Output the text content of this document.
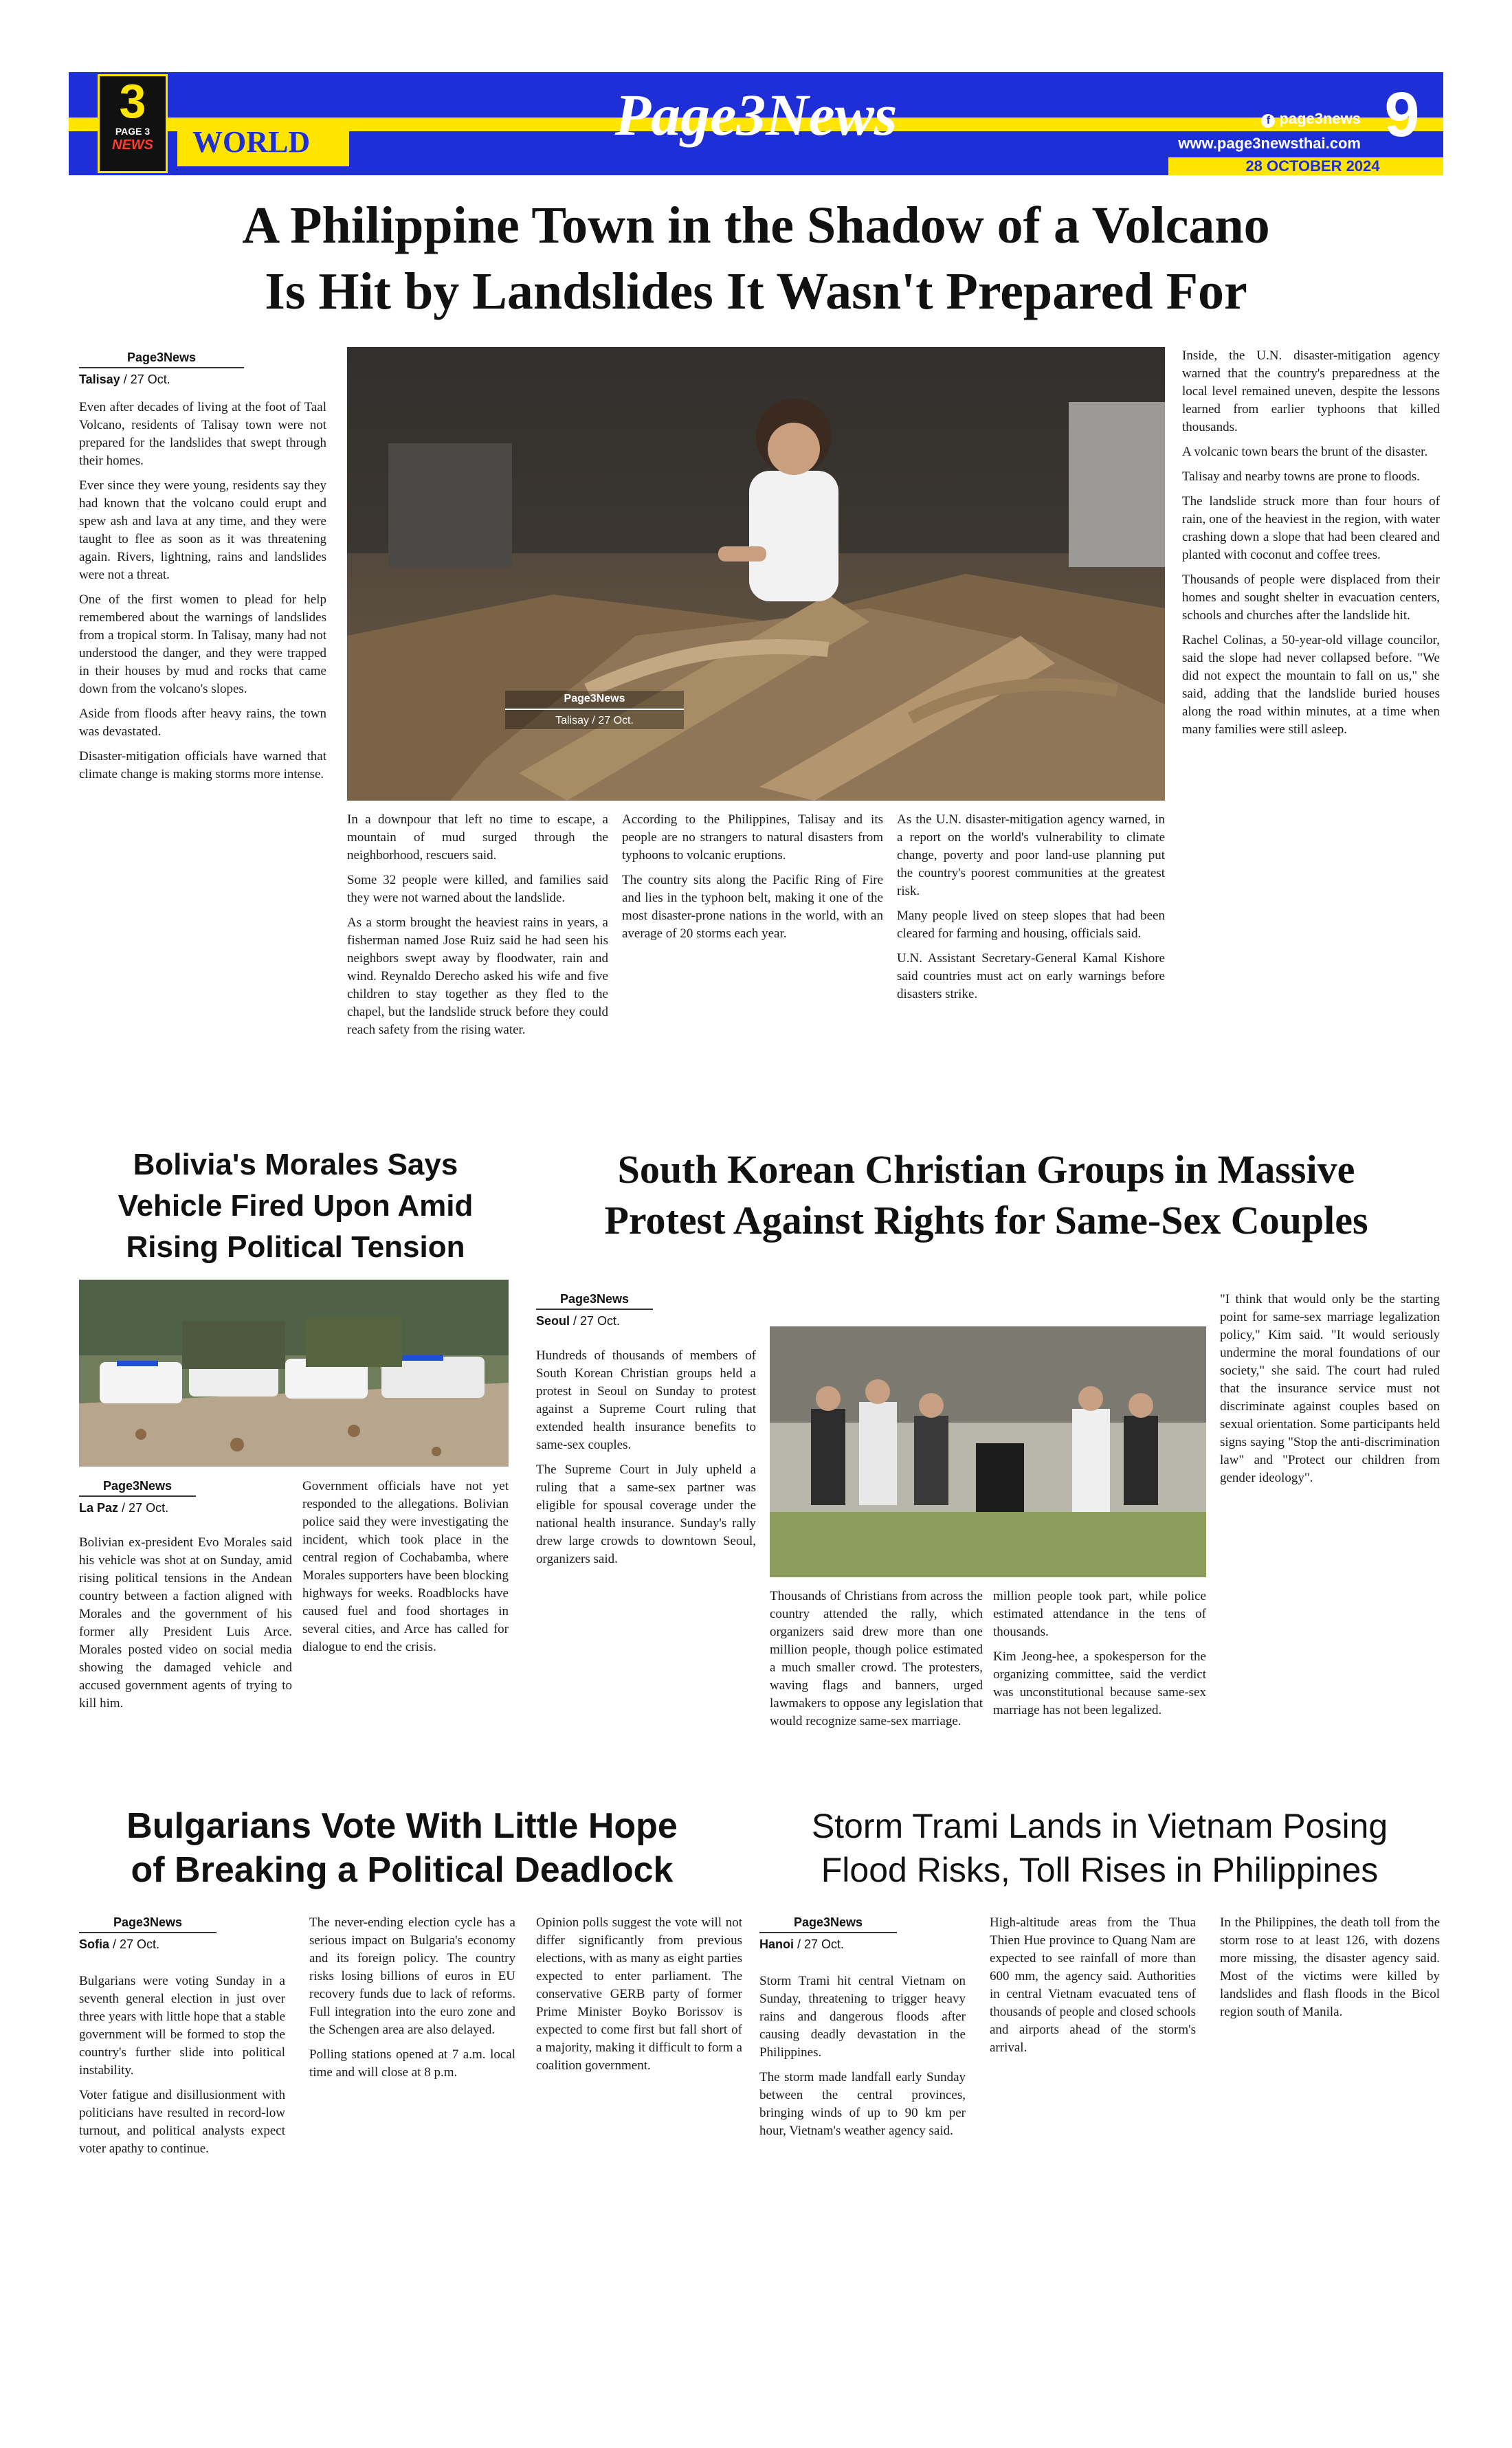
3
PAGE 3
NEWS	WORLD	Page3News	f page3news
www.page3newsthai.com
28 OCTOBER 2024
9
A Philippine Town in the Shadow of a Volcano
Is Hit by Landslides It Wasn't Prepared For
Page3News
Talisay / 27 Oct.

Even after decades of living at the foot of Taal Volcano, residents of Talisay town were not prepared for the landslides that swept through their homes.

Ever since they were young, residents say they had known that the volcano could erupt and spew ash and lava at any time, and they were taught to flee as soon as it was threatening again. Rivers, lightning, rains and landslides were not a threat.

One of the first women to plead for help remembered about the warnings of landslides from a tropical storm. In Talisay, many had not understood the danger, and they were trapped in their houses by mud and rocks that came down from the volcano's slopes.

Aside from floods after heavy rains, the town was devastated.

Disaster-mitigation officials have warned that climate change is making storms more intense.

Page3News
Talisay / 27 Oct.

In a downpour that left no time to escape, a mountain of mud surged through the neighborhood, rescuers said.

Some 32 people were killed, and families said they were not warned about the landslide.

As a storm brought the heaviest rains in years, a fisherman named Jose Ruiz said he had seen his neighbors swept away by floodwater, rain and wind. Reynaldo Derecho asked his wife and five children to stay together as they fled to the chapel, but the landslide struck before they could reach safety from the rising water.

According to the Philippines, Talisay and its people are no strangers to natural disasters from typhoons to volcanic eruptions.

The country sits along the Pacific Ring of Fire and lies in the typhoon belt, making it one of the most disaster-prone nations in the world, with an average of 20 storms each year.

As the U.N. disaster-mitigation agency warned, in a report on the world's vulnerability to climate change, poverty and poor land-use planning put the country's poorest communities at the greatest risk.

Many people lived on steep slopes that had been cleared for farming and housing, officials said.

U.N. Assistant Secretary-General Kamal Kishore said countries must act on early warnings before disasters strike.

Inside, the U.N. disaster-mitigation agency warned that the country's preparedness at the local level remained uneven, despite the lessons learned from earlier typhoons that killed thousands.

A volcanic town bears the brunt of the disaster.

Talisay and nearby towns are prone to floods.

The landslide struck more than four hours of rain, one of the heaviest in the region, with water crashing down a slope that had been cleared and planted with coconut and coffee trees.

Thousands of people were displaced from their homes and sought shelter in evacuation centers, schools and churches after the landslide hit.

Rachel Colinas, a 50-year-old village councilor, said the slope had never collapsed before. "We did not expect the mountain to fall on us," she said, adding that the landslide buried houses along the road within minutes, at a time when many families were still asleep.

Bolivia's Morales Says
Vehicle Fired Upon Amid
Rising Political Tension
Page3News
La Paz / 27 Oct.

Bolivian ex-president Evo Morales said his vehicle was shot at on Sunday, amid rising political tensions in the Andean country between a faction aligned with Morales and the government of his former ally President Luis Arce. Morales posted video on social media showing the damaged vehicle and accused government agents of trying to kill him.

Government officials have not yet responded to the allegations. Bolivian police said they were investigating the incident, which took place in the central region of Cochabamba, where Morales supporters have been blocking highways for weeks. Roadblocks have caused fuel and food shortages in several cities, and Arce has called for dialogue to end the crisis.

South Korean Christian Groups in Massive
Protest Against Rights for Same-Sex Couples
Page3News
Seoul / 27 Oct.

Hundreds of thousands of members of South Korean Christian groups held a protest in Seoul on Sunday to protest against a Supreme Court ruling that extended health insurance benefits to same-sex couples.

The Supreme Court in July upheld a ruling that a same-sex partner was eligible for spousal coverage under the national health insurance. Sunday's rally drew large crowds to downtown Seoul, organizers said.

Thousands of Christians from across the country attended the rally, which organizers said drew more than one million people, though police estimated a much smaller crowd. The protesters, waving flags and banners, urged lawmakers to oppose any legislation that would recognize same-sex marriage.

million people took part, while police estimated attendance in the tens of thousands.

Kim Jeong-hee, a spokesperson for the organizing committee, said the verdict was unconstitutional because same-sex marriage has not been legalized.

"I think that would only be the starting point for same-sex marriage legalization policy," Kim said. "It would seriously undermine the moral foundations of our society," she said. The court had ruled that the insurance service must not discriminate against couples based on sexual orientation. Some participants held signs saying "Stop the anti-discrimination law" and "Protect our children from gender ideology".

Bulgarians Vote With Little Hope
of Breaking a Political Deadlock
Page3News
Sofia / 27 Oct.

Bulgarians were voting Sunday in a seventh general election in just over three years with little hope that a stable government will be formed to stop the country's further slide into political instability.

Voter fatigue and disillusionment with politicians have resulted in record-low turnout, and political analysts expect voter apathy to continue.

The never-ending election cycle has a serious impact on Bulgaria's economy and its foreign policy. The country risks losing billions of euros in EU recovery funds due to lack of reforms. Full integration into the euro zone and the Schengen area are also delayed.

Polling stations opened at 7 a.m. local time and will close at 8 p.m.

Opinion polls suggest the vote will not differ significantly from previous elections, with as many as eight parties expected to enter parliament. The conservative GERB party of former Prime Minister Boyko Borissov is expected to come first but fall short of a majority, making it difficult to form a coalition government.

Storm Trami Lands in Vietnam Posing
Flood Risks, Toll Rises in Philippines
Page3News
Hanoi / 27 Oct.

Storm Trami hit central Vietnam on Sunday, threatening to trigger heavy rains and dangerous floods after causing deadly devastation in the Philippines.

The storm made landfall early Sunday between the central provinces, bringing winds of up to 90 km per hour, Vietnam's weather agency said.

High-altitude areas from the Thua Thien Hue province to Quang Nam are expected to see rainfall of more than 600 mm, the agency said. Authorities in central Vietnam evacuated tens of thousands of people and closed schools and airports ahead of the storm's arrival.

In the Philippines, the death toll from the storm rose to at least 126, with dozens more missing, the disaster agency said. Most of the victims were killed by landslides and flash floods in the Bicol region south of Manila.
